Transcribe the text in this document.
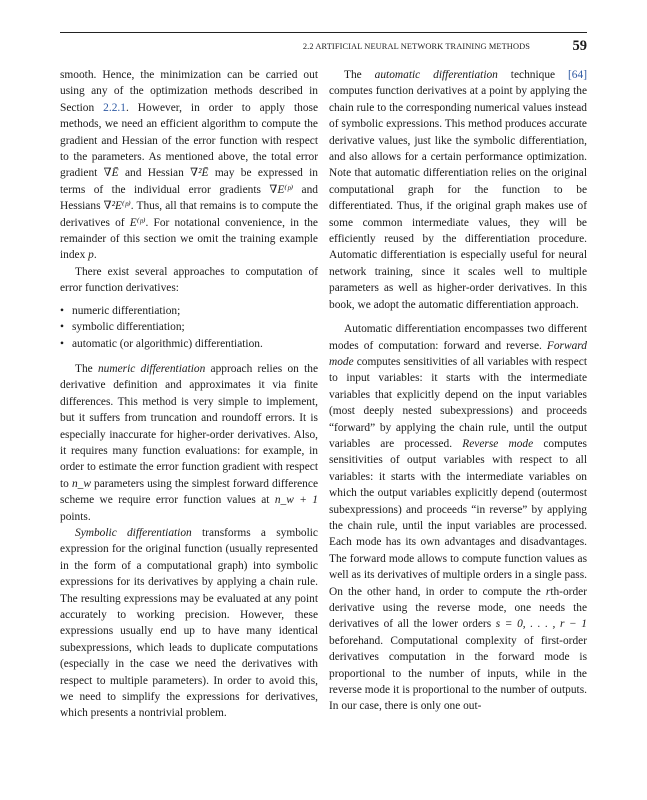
2.2 ARTIFICIAL NEURAL NETWORK TRAINING METHODS	59

smooth. Hence, the minimization can be carried out using any of the optimization methods described in Section 2.2.1. However, in order to apply those methods, we need an efficient algorithm to compute the gradient and Hessian of the error function with respect to the parameters. As mentioned above, the total error gradient ∇Ē and Hessian ∇²Ē may be expressed in terms of the individual error gradients ∇E⁽ᵖ⁾ and Hessians ∇²E⁽ᵖ⁾. Thus, all that remains is to compute the derivatives of E⁽ᵖ⁾. For notational convenience, in the remainder of this section we omit the training example index p.

There exist several approaches to computation of error function derivatives:

• numeric differentiation;
• symbolic differentiation;
• automatic (or algorithmic) differentiation.

The numeric differentiation approach relies on the derivative definition and approximates it via finite differences. This method is very simple to implement, but it suffers from truncation and roundoff errors. It is especially inaccurate for higher-order derivatives. Also, it requires many function evaluations: for example, in order to estimate the error function gradient with respect to n_w parameters using the simplest forward difference scheme we require error function values at n_w + 1 points.

Symbolic differentiation transforms a symbolic expression for the original function (usually represented in the form of a computational graph) into symbolic expressions for its derivatives by applying a chain rule. The resulting expressions may be evaluated at any point accurately to working precision. However, these expressions usually end up to have many identical subexpressions, which leads to duplicate computations (especially in the case we need the derivatives with respect to multiple parameters). In order to avoid this, we need to simplify the expressions for derivatives, which presents a nontrivial problem.

The automatic differentiation technique [64] computes function derivatives at a point by applying the chain rule to the corresponding numerical values instead of symbolic expressions. This method produces accurate derivative values, just like the symbolic differentiation, and also allows for a certain performance optimization. Note that automatic differentiation relies on the original computational graph for the function to be differentiated. Thus, if the original graph makes use of some common intermediate values, they will be efficiently reused by the differentiation procedure. Automatic differentiation is especially useful for neural network training, since it scales well to multiple parameters as well as higher-order derivatives. In this book, we adopt the automatic differentiation approach.

Automatic differentiation encompasses two different modes of computation: forward and reverse. Forward mode computes sensitivities of all variables with respect to input variables: it starts with the intermediate variables that explicitly depend on the input variables (most deeply nested subexpressions) and proceeds “forward” by applying the chain rule, until the output variables are processed. Reverse mode computes sensitivities of output variables with respect to all variables: it starts with the intermediate variables on which the output variables explicitly depend (outermost subexpressions) and proceeds “in reverse” by applying the chain rule, until the input variables are processed. Each mode has its own advantages and disadvantages. The forward mode allows to compute function values as well as its derivatives of multiple orders in a single pass. On the other hand, in order to compute the rth-order derivative using the reverse mode, one needs the derivatives of all the lower orders s = 0, . . . , r − 1 beforehand. Computational complexity of first-order derivatives computation in the forward mode is proportional to the number of inputs, while in the reverse mode it is proportional to the number of outputs. In our case, there is only one out-
